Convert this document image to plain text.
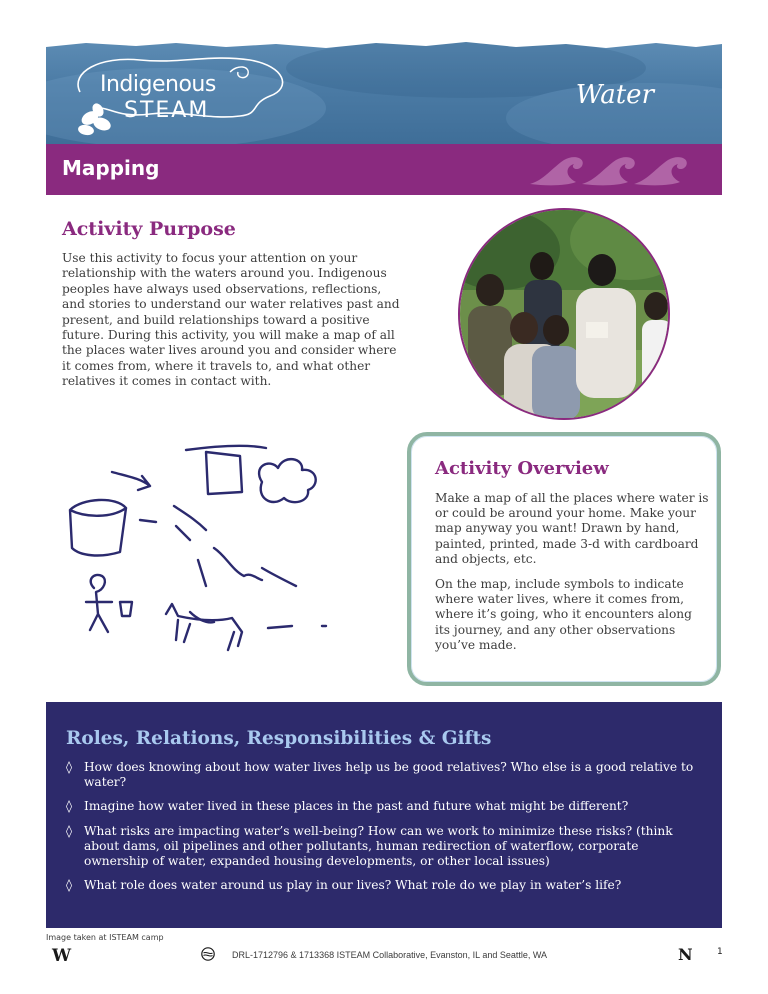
Indigenous
STEAM
Water
Mapping
Activity Purpose
Use this activity to focus your attention on your relationship with the waters around you. Indigenous peoples have always used observations, reflections, and stories to understand our water relatives past and present, and build relationships toward a positive future. During this activity, you will make a map of all the places water lives around you and consider where it comes from, where it travels to, and what other relatives it comes in contact with.
Activity Overview
Make a map of all the places where water is or could be around your home. Make your map anyway you want! Drawn by hand, painted, printed, made 3-d with cardboard and objects, etc.
On the map, include symbols to indicate where water lives, where it comes from, where it’s going, who it encounters along its journey, and any other observations you’ve made.
Roles, Relations, Responsibilities & Gifts
◊ How does knowing about how water lives help us be good relatives? Who else is a good relative to water?
◊ Imagine how water lived in these places in the past and future what might be different?
◊ What risks are impacting water’s well-being? How can we work to minimize these risks? (think about dams, oil pipelines and other pollutants, human redirection of waterflow, corporate ownership of water, expanded housing developments, or other local issues)
◊ What role does water around us play in our lives? What role do we play in water’s life?
Image taken at ISTEAM camp
W	DRL-1712796 & 1713368 ISTEAM Collaborative, Evanston, IL and Seattle, WA	N	1
